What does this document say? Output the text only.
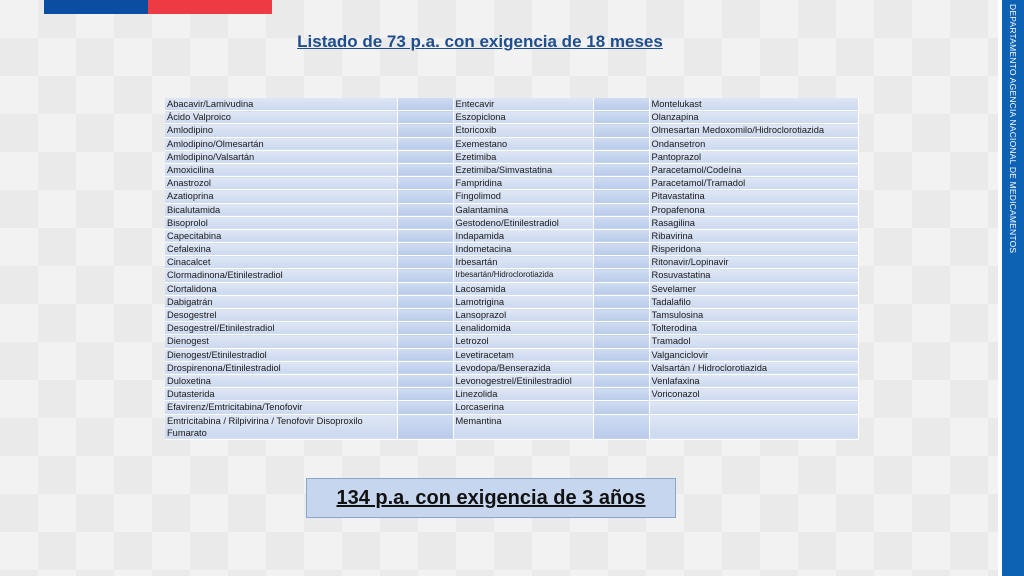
DEPARTAMENTO AGENCIA NACIONAL DE MEDICAMENTOS
Listado de 73 p.a. con exigencia de 18 meses
Abacavir/Lamivudina		Entecavir		Montelukast
Ácido Valproico		Eszopiclona		Olanzapina
Amlodipino		Etoricoxib		Olmesartan Medoxomilo/Hidroclorotiazida
Amlodipino/Olmesartán		Exemestano		Ondansetron
Amlodipino/Valsartán		Ezetimiba		Pantoprazol
Amoxicilina		Ezetimiba/Simvastatina		Paracetamol/Codeína
Anastrozol		Fampridina		Paracetamol/Tramadol
Azatioprina		Fingolimod		Pitavastatina
Bicalutamida		Galantamina		Propafenona
Bisoprolol		Gestodeno/Etinilestradiol		Rasagilina
Capecitabina		Indapamida		Ribavirina
Cefalexina		Indometacina		Risperidona
Cinacalcet		Irbesartán		Ritonavir/Lopinavir
Clormadinona/Etinilestradiol		Irbesartán/Hidroclorotiazida		Rosuvastatina
Clortalidona		Lacosamida		Sevelamer
Dabigatrán		Lamotrigina		Tadalafilo
Desogestrel		Lansoprazol		Tamsulosina
Desogestrel/Etinilestradiol		Lenalidomida		Tolterodina
Dienogest		Letrozol		Tramadol
Dienogest/Etinilestradiol		Levetiracetam		Valganciclovir
Drospirenona/Etinilestradiol		Levodopa/Benserazida		Valsartán / Hidroclorotiazida
Duloxetina		Levonogestrel/Etinilestradiol		Venlafaxina
Dutasterida		Linezolida		Voriconazol
Efavirenz/Emtricitabina/Tenofovir		Lorcaserina		
Emtricitabina / Rilpivirina / Tenofovir Disoproxilo Fumarato		Memantina		
134 p.a. con exigencia de 3 años
